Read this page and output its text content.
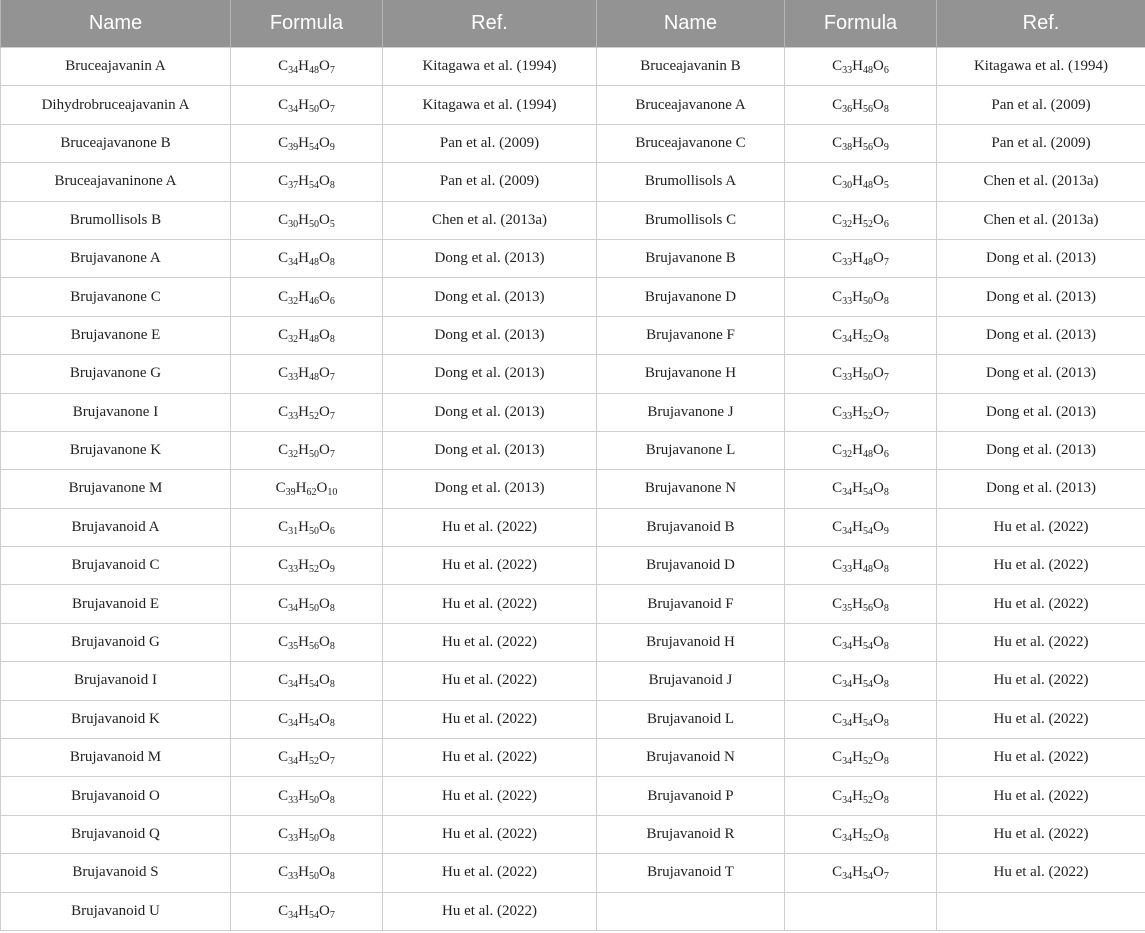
Name	Formula	Ref.	Name	Formula	Ref.
Bruceajavanin A	$C_{34}H_{48}O_7$	Kitagawa et al. (1994)	Bruceajavanin B	$C_{33}H_{48}O_6$	Kitagawa et al. (1994)
Dihydrobruceajavanin A	$C_{34}H_{50}O_7$	Kitagawa et al. (1994)	Bruceajavanone A	$C_{36}H_{56}O_8$	Pan et al. (2009)
Bruceajavanone B	$C_{39}H_{54}O_9$	Pan et al. (2009)	Bruceajavanone C	$C_{38}H_{56}O_9$	Pan et al. (2009)
Bruceajavaninone A	$C_{37}H_{54}O_8$	Pan et al. (2009)	Brumollisols A	$C_{30}H_{48}O_5$	Chen et al. (2013a)
Brumollisols B	$C_{30}H_{50}O_5$	Chen et al. (2013a)	Brumollisols C	$C_{32}H_{52}O_6$	Chen et al. (2013a)
Brujavanone A	$C_{34}H_{48}O_8$	Dong et al. (2013)	Brujavanone B	$C_{33}H_{48}O_7$	Dong et al. (2013)
Brujavanone C	$C_{32}H_{46}O_6$	Dong et al. (2013)	Brujavanone D	$C_{33}H_{50}O_8$	Dong et al. (2013)
Brujavanone E	$C_{32}H_{48}O_8$	Dong et al. (2013)	Brujavanone F	$C_{34}H_{52}O_8$	Dong et al. (2013)
Brujavanone G	$C_{33}H_{48}O_7$	Dong et al. (2013)	Brujavanone H	$C_{33}H_{50}O_7$	Dong et al. (2013)
Brujavanone I	$C_{33}H_{52}O_7$	Dong et al. (2013)	Brujavanone J	$C_{33}H_{52}O_7$	Dong et al. (2013)
Brujavanone K	$C_{32}H_{50}O_7$	Dong et al. (2013)	Brujavanone L	$C_{32}H_{48}O_6$	Dong et al. (2013)
Brujavanone M	$C_{39}H_{62}O_{10}$	Dong et al. (2013)	Brujavanone N	$C_{34}H_{54}O_8$	Dong et al. (2013)
Brujavanoid A	$C_{31}H_{50}O_6$	Hu et al. (2022)	Brujavanoid B	$C_{34}H_{54}O_9$	Hu et al. (2022)
Brujavanoid C	$C_{33}H_{52}O_9$	Hu et al. (2022)	Brujavanoid D	$C_{33}H_{48}O_8$	Hu et al. (2022)
Brujavanoid E	$C_{34}H_{50}O_8$	Hu et al. (2022)	Brujavanoid F	$C_{35}H_{56}O_8$	Hu et al. (2022)
Brujavanoid G	$C_{35}H_{56}O_8$	Hu et al. (2022)	Brujavanoid H	$C_{34}H_{54}O_8$	Hu et al. (2022)
Brujavanoid I	$C_{34}H_{54}O_8$	Hu et al. (2022)	Brujavanoid J	$C_{34}H_{54}O_8$	Hu et al. (2022)
Brujavanoid K	$C_{34}H_{54}O_8$	Hu et al. (2022)	Brujavanoid L	$C_{34}H_{54}O_8$	Hu et al. (2022)
Brujavanoid M	$C_{34}H_{52}O_7$	Hu et al. (2022)	Brujavanoid N	$C_{34}H_{52}O_8$	Hu et al. (2022)
Brujavanoid O	$C_{33}H_{50}O_8$	Hu et al. (2022)	Brujavanoid P	$C_{34}H_{52}O_8$	Hu et al. (2022)
Brujavanoid Q	$C_{33}H_{50}O_8$	Hu et al. (2022)	Brujavanoid R	$C_{34}H_{52}O_8$	Hu et al. (2022)
Brujavanoid S	$C_{33}H_{50}O_8$	Hu et al. (2022)	Brujavanoid T	$C_{34}H_{54}O_7$	Hu et al. (2022)
Brujavanoid U	$C_{34}H_{54}O_7$	Hu et al. (2022)			
